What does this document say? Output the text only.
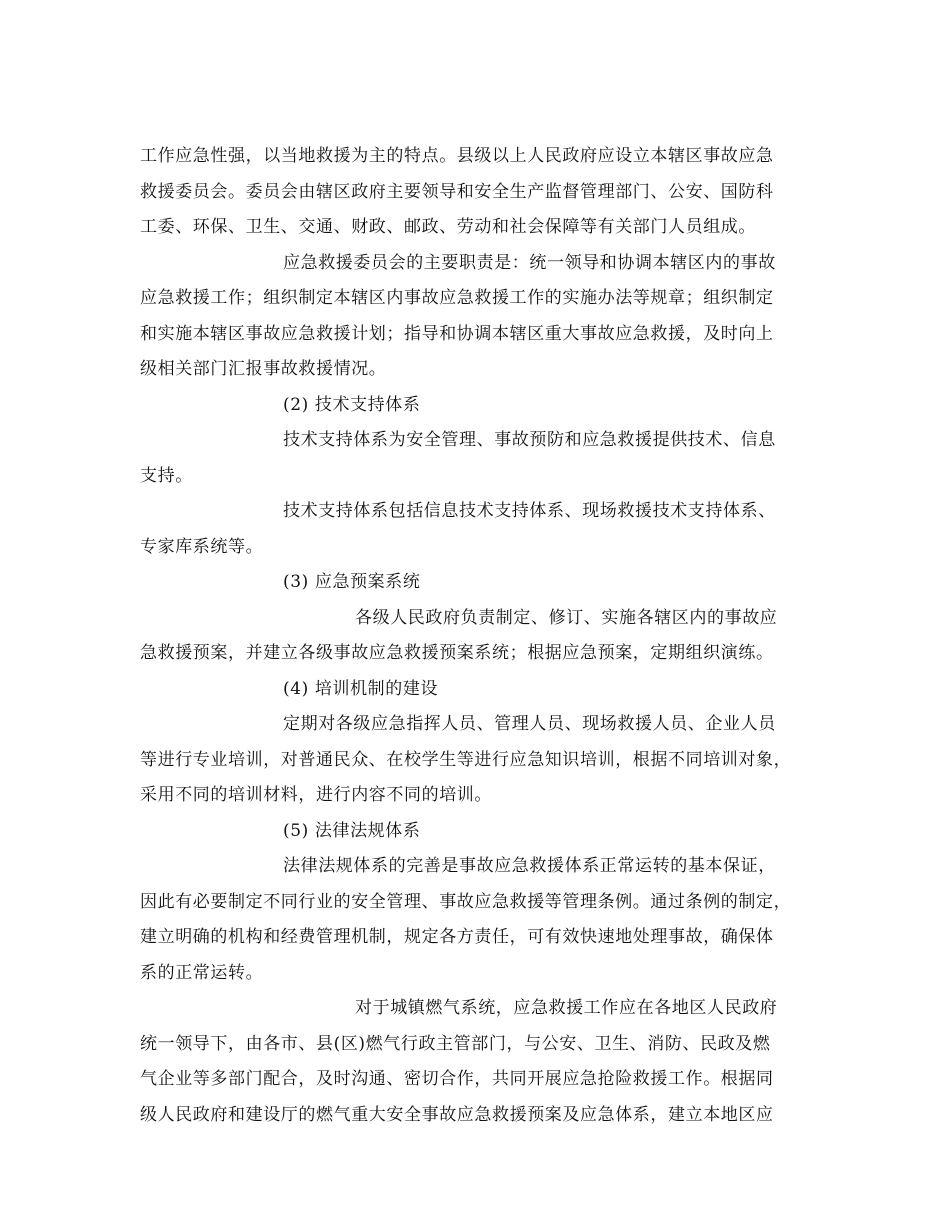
工作应急性强，以当地救援为主的特点。县级以上人民政府应设立本辖区事故应急

救援委员会。委员会由辖区政府主要领导和安全生产监督管理部门、公安、国防科

工委、环保、卫生、交通、财政、邮政、劳动和社会保障等有关部门人员组成。

应急救援委员会的主要职责是：统一领导和协调本辖区内的事故

应急救援工作；组织制定本辖区内事故应急救援工作的实施办法等规章；组织制定

和实施本辖区事故应急救援计划；指导和协调本辖区重大事故应急救援，及时向上

级相关部门汇报事故救援情况。

(2) 技术支持体系

技术支持体系为安全管理、事故预防和应急救援提供技术、信息

支持。

技术支持体系包括信息技术支持体系、现场救援技术支持体系、

专家库系统等。

(3) 应急预案系统

各级人民政府负责制定、修订、实施各辖区内的事故应

急救援预案，并建立各级事故应急救援预案系统；根据应急预案，定期组织演练。

(4) 培训机制的建设

定期对各级应急指挥人员、管理人员、现场救援人员、企业人员

等进行专业培训，对普通民众、在校学生等进行应急知识培训，根据不同培训对象，

采用不同的培训材料，进行内容不同的培训。

(5) 法律法规体系

法律法规体系的完善是事故应急救援体系正常运转的基本保证，

因此有必要制定不同行业的安全管理、事故应急救援等管理条例。通过条例的制定，

建立明确的机构和经费管理机制，规定各方责任，可有效快速地处理事故，确保体

系的正常运转。

对于城镇燃气系统，应急救援工作应在各地区人民政府

统一领导下，由各市、县(区)燃气行政主管部门，与公安、卫生、消防、民政及燃

气企业等多部门配合，及时沟通、密切合作，共同开展应急抢险救援工作。根据同

级人民政府和建设厅的燃气重大安全事故应急救援预案及应急体系，建立本地区应
